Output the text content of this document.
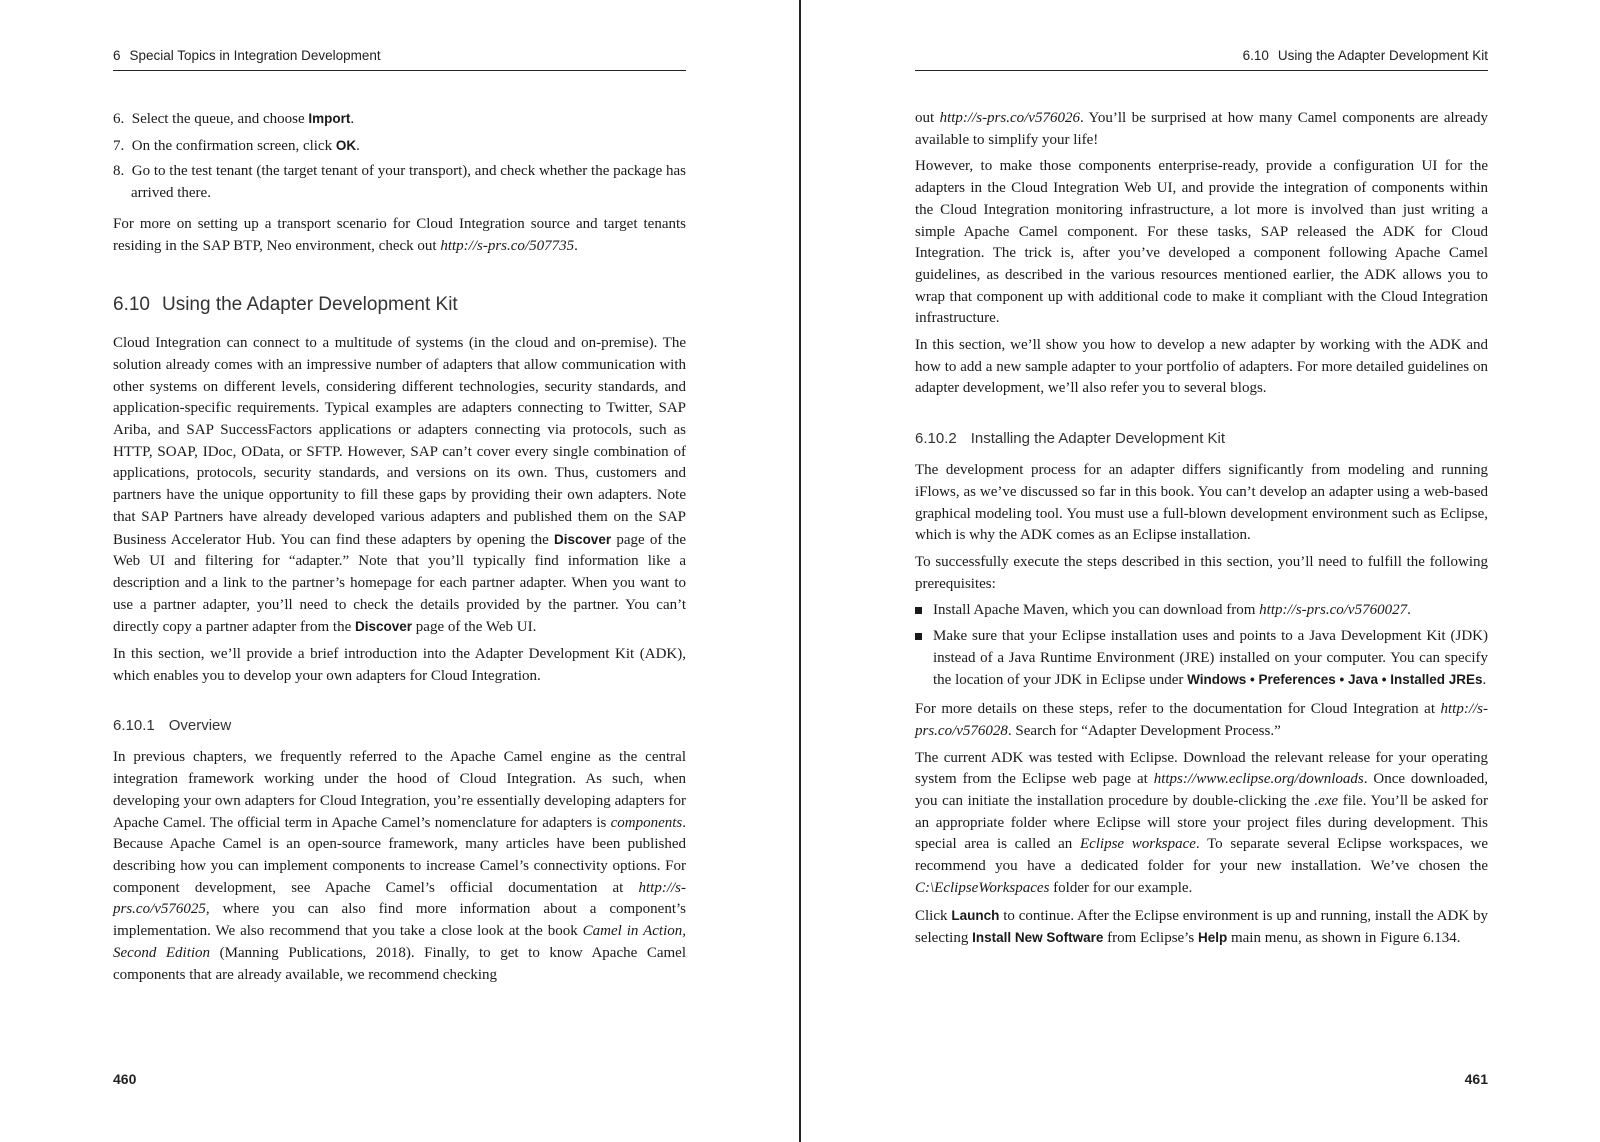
6 Special Topics in Integration Development
6. Select the queue, and choose Import.
7. On the confirmation screen, click OK.
8. Go to the test tenant (the target tenant of your transport), and check whether the package has arrived there.

For more on setting up a transport scenario for Cloud Integration source and target tenants residing in the SAP BTP, Neo environment, check out http://s-prs.co/507735.

6.10 Using the Adapter Development Kit

Cloud Integration can connect to a multitude of systems (in the cloud and on-premise). The solution already comes with an impressive number of adapters that allow communication with other systems on different levels, considering different technologies, security standards, and application-specific requirements. Typical examples are adapters connecting to Twitter, SAP Ariba, and SAP SuccessFactors applications or adapters connecting via protocols, such as HTTP, SOAP, IDoc, OData, or SFTP. However, SAP can’t cover every single combination of applications, protocols, security standards, and versions on its own. Thus, customers and partners have the unique opportunity to fill these gaps by providing their own adapters. Note that SAP Partners have already developed various adapters and published them on the SAP Business Accelerator Hub. You can find these adapters by opening the Discover page of the Web UI and filtering for “adapter.” Note that you’ll typically find information like a description and a link to the partner’s homepage for each partner adapter. When you want to use a partner adapter, you’ll need to check the details provided by the partner. You can’t directly copy a partner adapter from the Discover page of the Web UI.

In this section, we’ll provide a brief introduction into the Adapter Development Kit (ADK), which enables you to develop your own adapters for Cloud Integration.

6.10.1 Overview

In previous chapters, we frequently referred to the Apache Camel engine as the central integration framework working under the hood of Cloud Integration. As such, when developing your own adapters for Cloud Integration, you’re essentially developing adapters for Apache Camel. The official term in Apache Camel’s nomenclature for adapters is components. Because Apache Camel is an open-source framework, many articles have been published describing how you can implement components to increase Camel’s connectivity options. For component development, see Apache Camel’s official documentation at http://s-prs.co/v576025, where you can also find more information about a component’s implementation. We also recommend that you take a close look at the book Camel in Action, Second Edition (Manning Publications, 2018). Finally, to get to know Apache Camel components that are already available, we recommend checking

460
6.10 Using the Adapter Development Kit

out http://s-prs.co/v576026. You’ll be surprised at how many Camel components are already available to simplify your life!

However, to make those components enterprise-ready, provide a configuration UI for the adapters in the Cloud Integration Web UI, and provide the integration of components within the Cloud Integration monitoring infrastructure, a lot more is involved than just writing a simple Apache Camel component. For these tasks, SAP released the ADK for Cloud Integration. The trick is, after you’ve developed a component following Apache Camel guidelines, as described in the various resources mentioned earlier, the ADK allows you to wrap that component up with additional code to make it compliant with the Cloud Integration infrastructure.

In this section, we’ll show you how to develop a new adapter by working with the ADK and how to add a new sample adapter to your portfolio of adapters. For more detailed guidelines on adapter development, we’ll also refer you to several blogs.

6.10.2 Installing the Adapter Development Kit

The development process for an adapter differs significantly from modeling and running iFlows, as we’ve discussed so far in this book. You can’t develop an adapter using a web-based graphical modeling tool. You must use a full-blown development environment such as Eclipse, which is why the ADK comes as an Eclipse installation.

To successfully execute the steps described in this section, you’ll need to fulfill the following prerequisites:

Install Apache Maven, which you can download from http://s-prs.co/v5760027.
Make sure that your Eclipse installation uses and points to a Java Development Kit (JDK) instead of a Java Runtime Environment (JRE) installed on your computer. You can specify the location of your JDK in Eclipse under Windows • Preferences • Java • Installed JREs.

For more details on these steps, refer to the documentation for Cloud Integration at http://s-prs.co/v576028. Search for “Adapter Development Process.”

The current ADK was tested with Eclipse. Download the relevant release for your operating system from the Eclipse web page at https://www.eclipse.org/downloads. Once downloaded, you can initiate the installation procedure by double-clicking the .exe file. You’ll be asked for an appropriate folder where Eclipse will store your project files during development. This special area is called an Eclipse workspace. To separate several Eclipse workspaces, we recommend you have a dedicated folder for your new installation. We’ve chosen the C:\EclipseWorkspaces folder for our example.

Click Launch to continue. After the Eclipse environment is up and running, install the ADK by selecting Install New Software from Eclipse’s Help main menu, as shown in Figure 6.134.

461
